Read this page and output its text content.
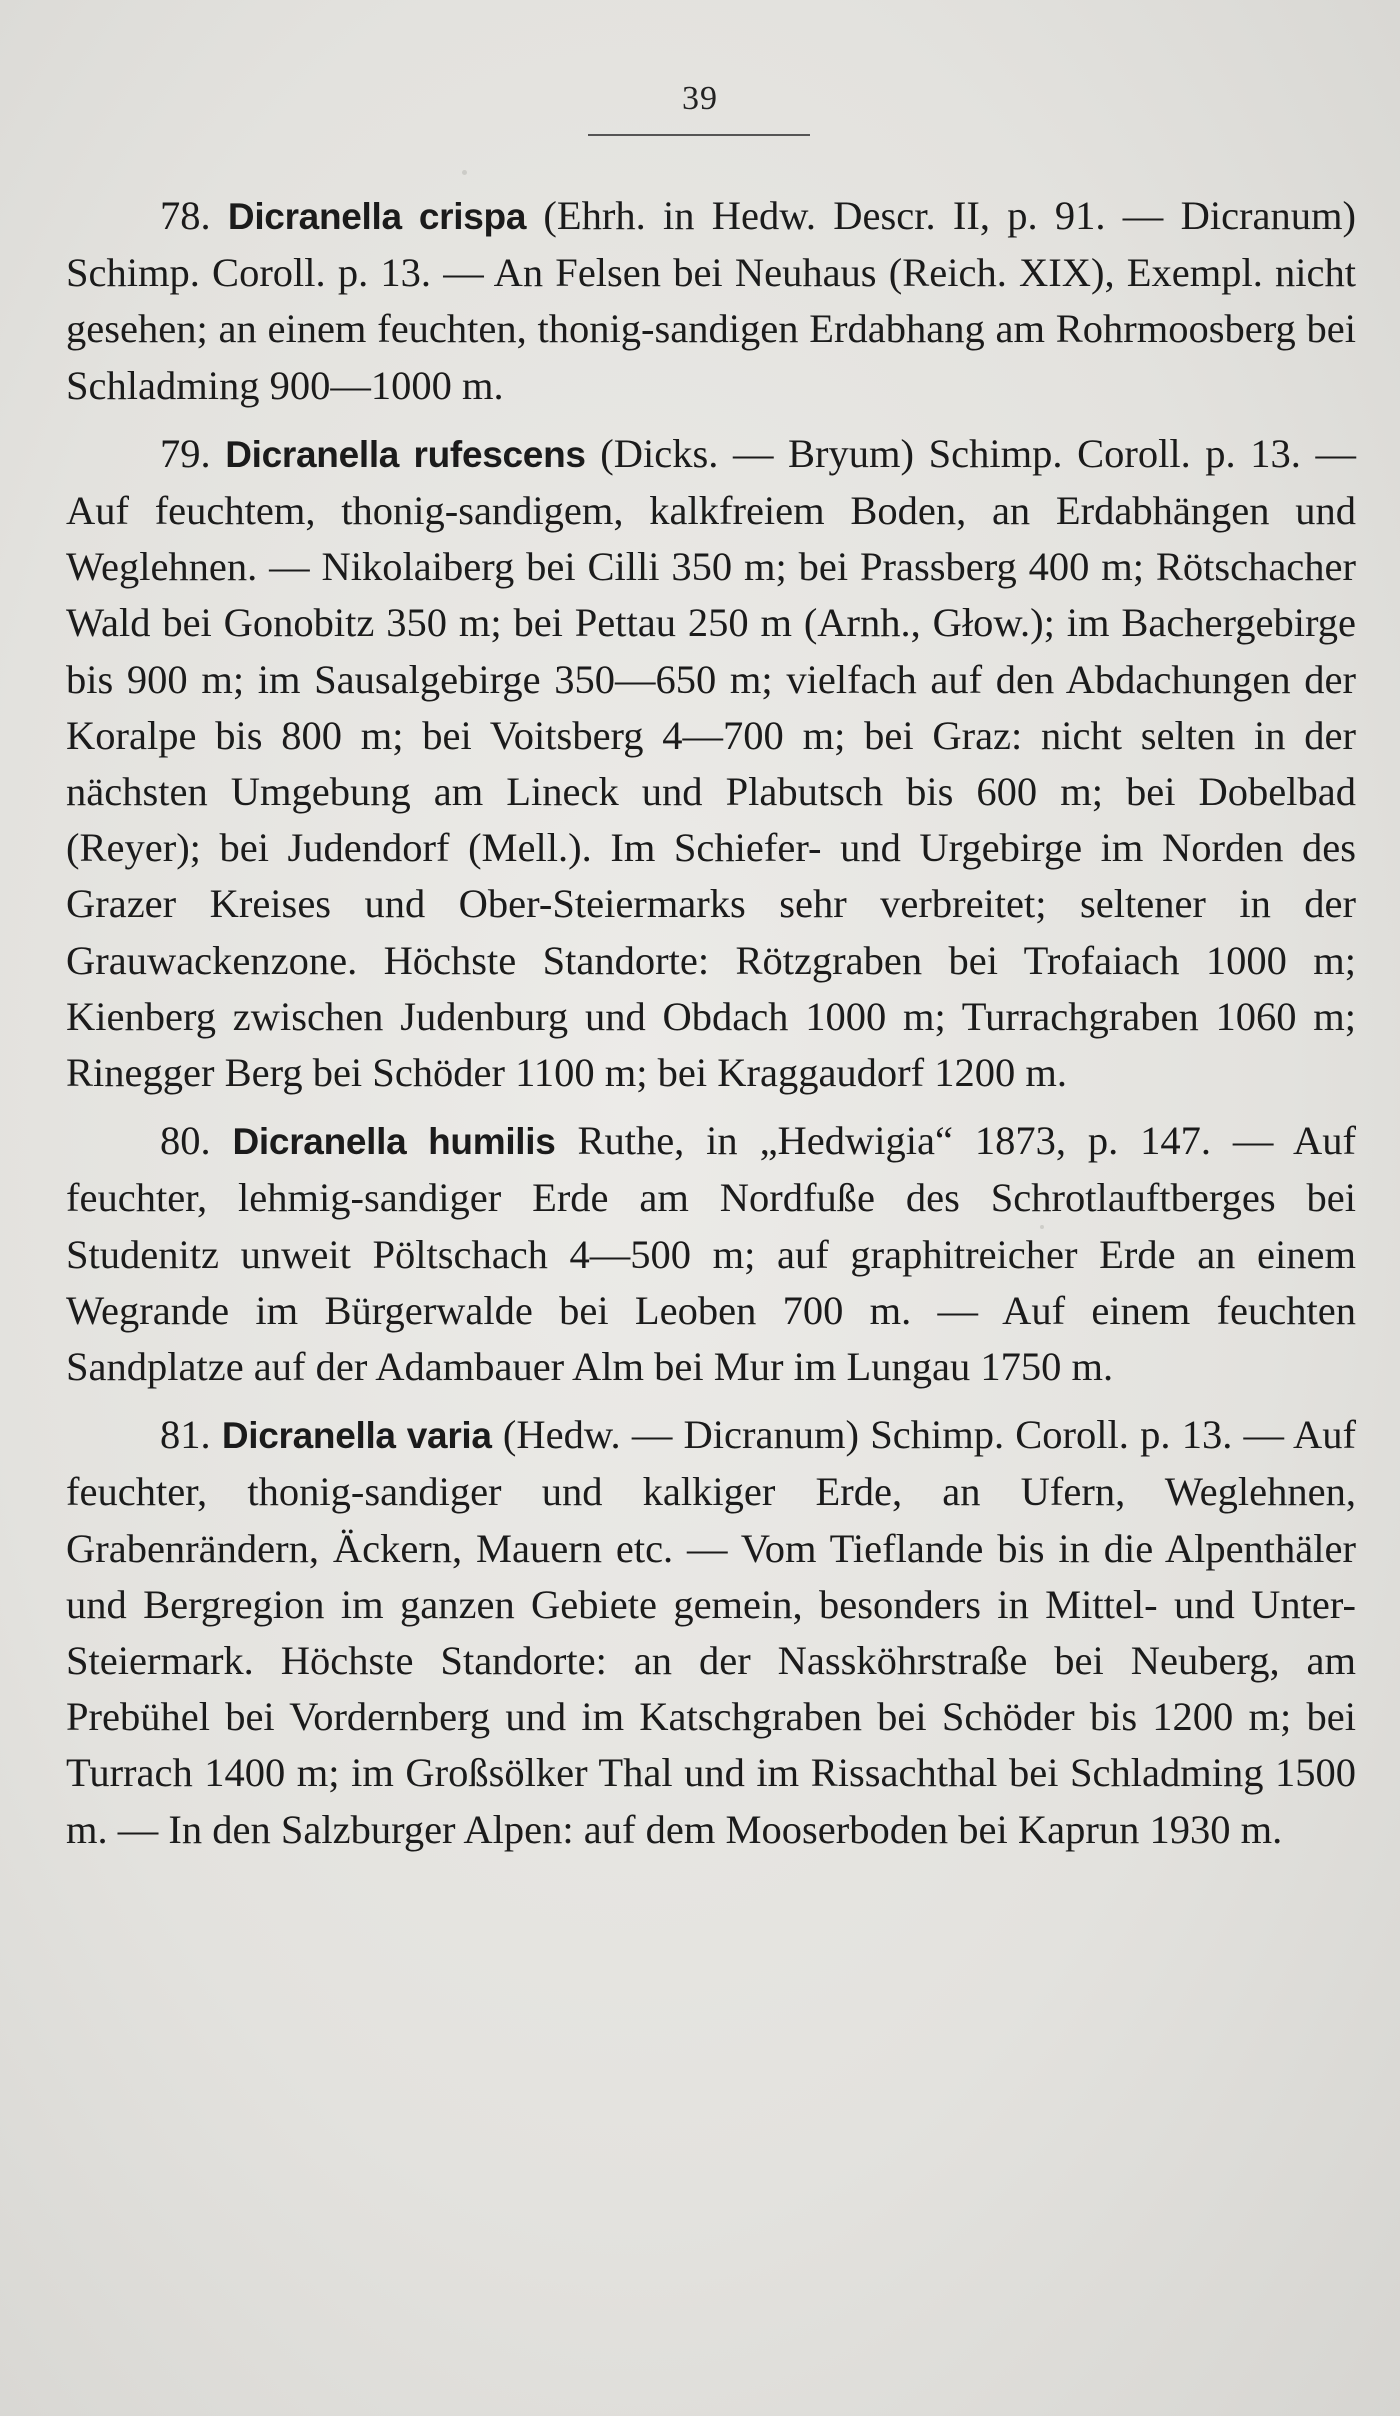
39

78. Dicranella crispa (Ehrh. in Hedw. Descr. II, p. 91. — Dicranum) Schimp. Coroll. p. 13. — An Felsen bei Neuhaus (Reich. XIX), Exempl. nicht gesehen; an einem feuchten, thonig-sandigen Erdabhang am Rohrmoosberg bei Schladming 900—1000 m.

79. Dicranella rufescens (Dicks. — Bryum) Schimp. Coroll. p. 13. — Auf feuchtem, thonig-sandigem, kalkfreiem Boden, an Erdabhängen und Weglehnen. — Nikolaiberg bei Cilli 350 m; bei Prassberg 400 m; Rötschacher Wald bei Gonobitz 350 m; bei Pettau 250 m (Arnh., Głow.); im Bachergebirge bis 900 m; im Sausalgebirge 350—650 m; vielfach auf den Abdachungen der Koralpe bis 800 m; bei Voitsberg 4—700 m; bei Graz: nicht selten in der nächsten Umgebung am Lineck und Plabutsch bis 600 m; bei Dobelbad (Reyer); bei Judendorf (Mell.). Im Schiefer- und Urgebirge im Norden des Grazer Kreises und Ober-Steiermarks sehr verbreitet; seltener in der Grauwackenzone. Höchste Standorte: Rötzgraben bei Trofaiach 1000 m; Kienberg zwischen Judenburg und Obdach 1000 m; Turrachgraben 1060 m; Rinegger Berg bei Schöder 1100 m; bei Kraggaudorf 1200 m.

80. Dicranella humilis Ruthe, in „Hedwigia“ 1873, p. 147. — Auf feuchter, lehmig-sandiger Erde am Nordfuße des Schrotlauftberges bei Studenitz unweit Pöltschach 4—500 m; auf graphitreicher Erde an einem Wegrande im Bürgerwalde bei Leoben 700 m. — Auf einem feuchten Sandplatze auf der Adambauer Alm bei Mur im Lungau 1750 m.

81. Dicranella varia (Hedw. — Dicranum) Schimp. Coroll. p. 13. — Auf feuchter, thonig-sandiger und kalkiger Erde, an Ufern, Weglehnen, Grabenrändern, Äckern, Mauern etc. — Vom Tieflande bis in die Alpenthäler und Bergregion im ganzen Gebiete gemein, besonders in Mittel- und Unter-Steiermark. Höchste Standorte: an der Nassköhrstraße bei Neuberg, am Prebühel bei Vordernberg und im Katschgraben bei Schöder bis 1200 m; bei Turrach 1400 m; im Großsölker Thal und im Rissachthal bei Schladming 1500 m. — In den Salzburger Alpen: auf dem Mooserboden bei Kaprun 1930 m.
